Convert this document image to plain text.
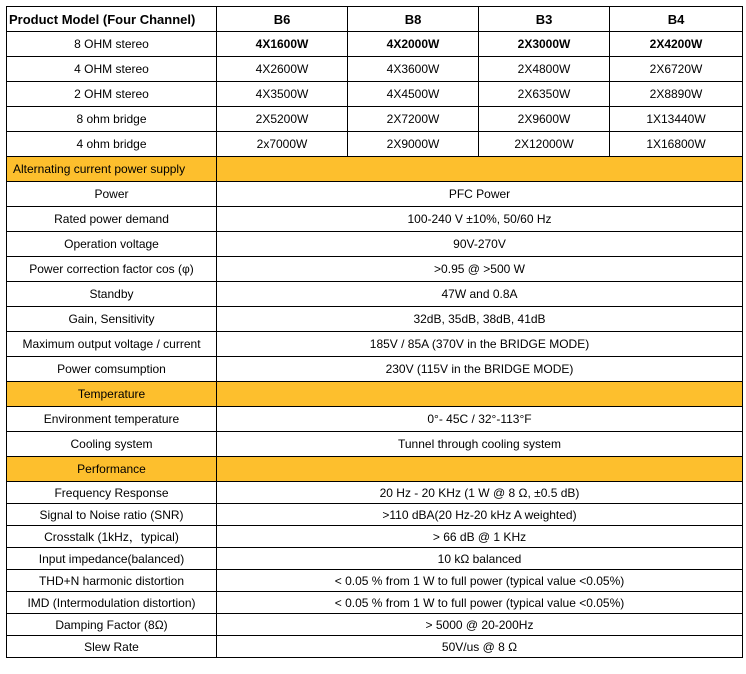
Product Model (Four Channel)	B6	B8	B3	B4
8 OHM stereo	4X1600W	4X2000W	2X3000W	2X4200W
4 OHM stereo	4X2600W	4X3600W	2X4800W	2X6720W
2 OHM stereo	4X3500W	4X4500W	2X6350W	2X8890W
8 ohm bridge	2X5200W	2X7200W	2X9600W	1X13440W
4 ohm bridge	2x7000W	2X9000W	2X12000W	1X16800W
Alternating current power supply				
Power	PFC Power			
Rated power demand	100-240 V ±10%, 50/60 Hz			
Operation voltage	90V-270V			
Power correction factor cos (φ)	>0.95 @ >500 W			
Standby	47W and 0.8A			
Gain, Sensitivity	32dB, 35dB, 38dB, 41dB			
Maximum output voltage / current	185V / 85A (370V in the BRIDGE MODE)			
Power comsumption	230V (115V in the BRIDGE MODE)			
Temperature				
Environment temperature	0°- 45C / 32°-113°F			
Cooling system	Tunnel through cooling system			
Performance				
Frequency Response	20 Hz - 20 KHz (1 W @ 8 Ω, ±0.5 dB)			
Signal to Noise ratio (SNR)	>110 dBA(20 Hz-20 kHz A weighted)			
Crosstalk (1kHz，typical)	> 66 dB @ 1 KHz			
Input impedance(balanced)	10 kΩ balanced			
THD+N harmonic distortion	< 0.05 % from 1 W to full power (typical value <0.05%)			
IMD (Intermodulation distortion)	< 0.05 % from 1 W to full power (typical value <0.05%)			
Damping Factor (8Ω)	> 5000 @ 20-200Hz			
Slew Rate	50V/us @ 8 Ω			
